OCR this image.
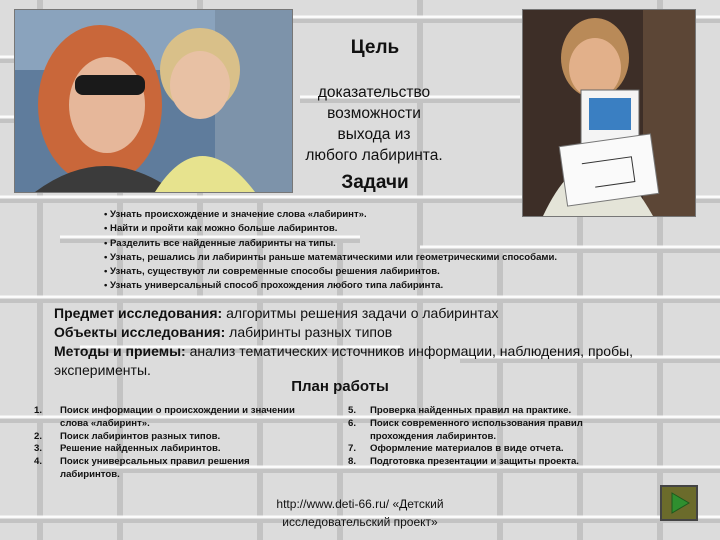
Цель
доказательство
возможности
выхода из
любого лабиринта.
Задачи
• Узнать происхождение и значение слова «лабиринт».
• Найти и пройти как можно больше лабиринтов.
• Разделить все найденные лабиринты на типы.
• Узнать, решались ли лабиринты раньше математическими или геометрическими способами.
• Узнать, существуют ли современные способы решения лабиринтов.
• Узнать универсальный способ прохождения любого типа лабиринта.
Предмет исследования: алгоритмы решения задачи о лабиринтах
Объекты исследования: лабиринты разных типов
Методы и приемы: анализ тематических источников информации, наблюдения, пробы, эксперименты.
План работы
1.	Поиск информации о происхождении и значении слова «лабиринт».
2.	Поиск лабиринтов разных типов.
3.	Решение найденных лабиринтов.
4.	Поиск универсальных правил решения лабиринтов.
5.	Проверка найденных правил на практике.
6.	Поиск современного использования правил прохождения лабиринтов.
7.	Оформление материалов в виде отчета.
8.	Подготовка презентации и защиты проекта.
http://www.deti-66.ru/ «Детский
исследовательский проект»
